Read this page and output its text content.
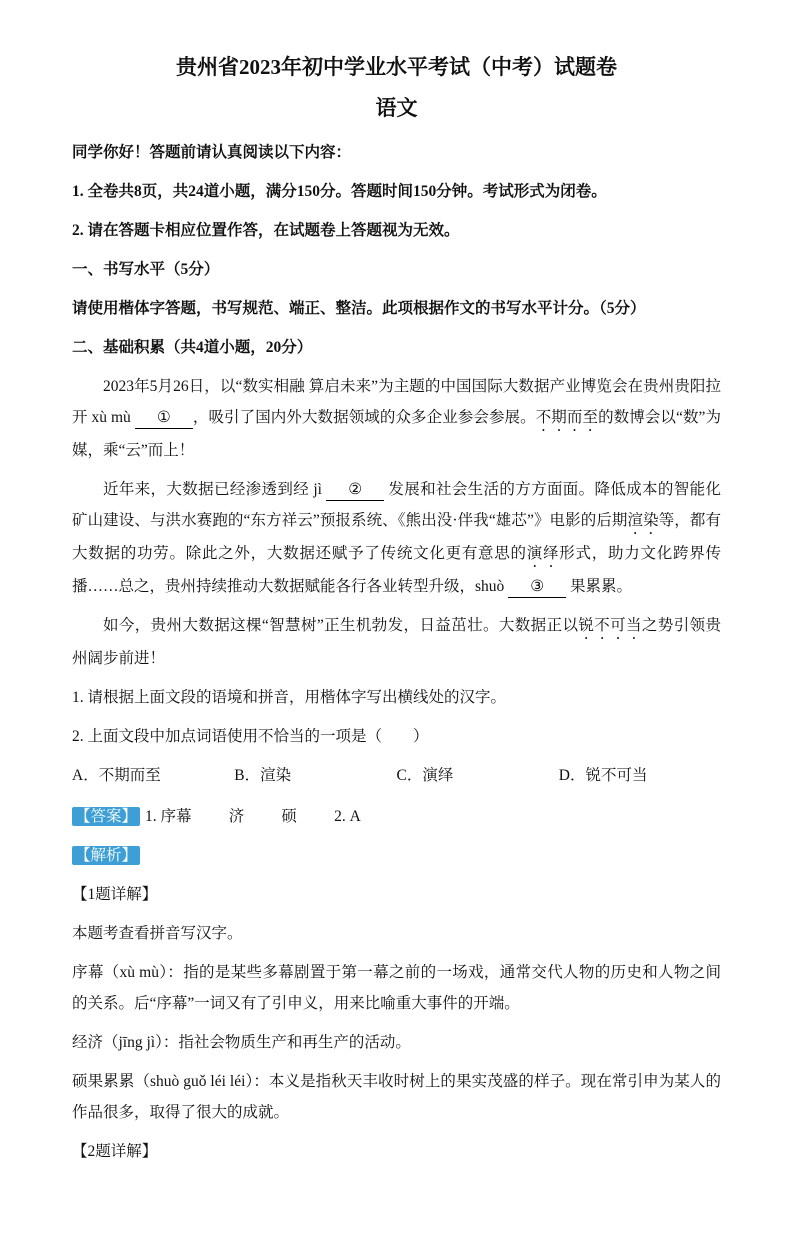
贵州省2023年初中学业水平考试（中考）试题卷
语文

同学你好！答题前请认真阅读以下内容：

1. 全卷共8页，共24道小题，满分150分。答题时间150分钟。考试形式为闭卷。

2. 请在答题卡相应位置作答，在试题卷上答题视为无效。

一、书写水平（5分）

请使用楷体字答题，书写规范、端正、整洁。此项根据作文的书写水平计分。（5分）

二、基础积累（共4道小题，20分）

2023年5月26日，以“数实相融 算启未来”为主题的中国国际大数据产业博览会在贵州贵阳拉开 xù mù ① ，吸引了国内外大数据领域的众多企业参会参展。不期而至的数博会以“数”为媒，乘“云”而上！

近年来，大数据已经渗透到经 jì ② 发展和社会生活的方方面面。降低成本的智能化矿山建设、与洪水赛跑的“东方祥云”预报系统、《熊出没·伴我“雄芯”》电影的后期渲染等，都有大数据的功劳。除此之外，大数据还赋予了传统文化更有意思的演绎形式，助力文化跨界传播……总之，贵州持续推动大数据赋能各行各业转型升级，shuò ③ 果累累。

如今，贵州大数据这棵“智慧树”正生机勃发，日益茁壮。大数据正以锐不可当之势引领贵州阔步前进！

1. 请根据上面文段的语境和拼音，用楷体字写出横线处的汉字。

2. 上面文段中加点词语使用不恰当的一项是（　　）

A．不期而至	B．渲染	C．演绎	D．锐不可当

【答案】 1. 序幕 济 硕 2. A

【解析】

【1题详解】

本题考查看拼音写汉字。

序幕（xù mù）：指的是某些多幕剧置于第一幕之前的一场戏，通常交代人物的历史和人物之间的关系。后“序幕”一词又有了引申义，用来比喻重大事件的开端。

经济（jīng jì）：指社会物质生产和再生产的活动。

硕果累累（shuò guǒ léi léi）：本义是指秋天丰收时树上的果实茂盛的样子。现在常引申为某人的作品很多，取得了很大的成就。

【2题详解】
